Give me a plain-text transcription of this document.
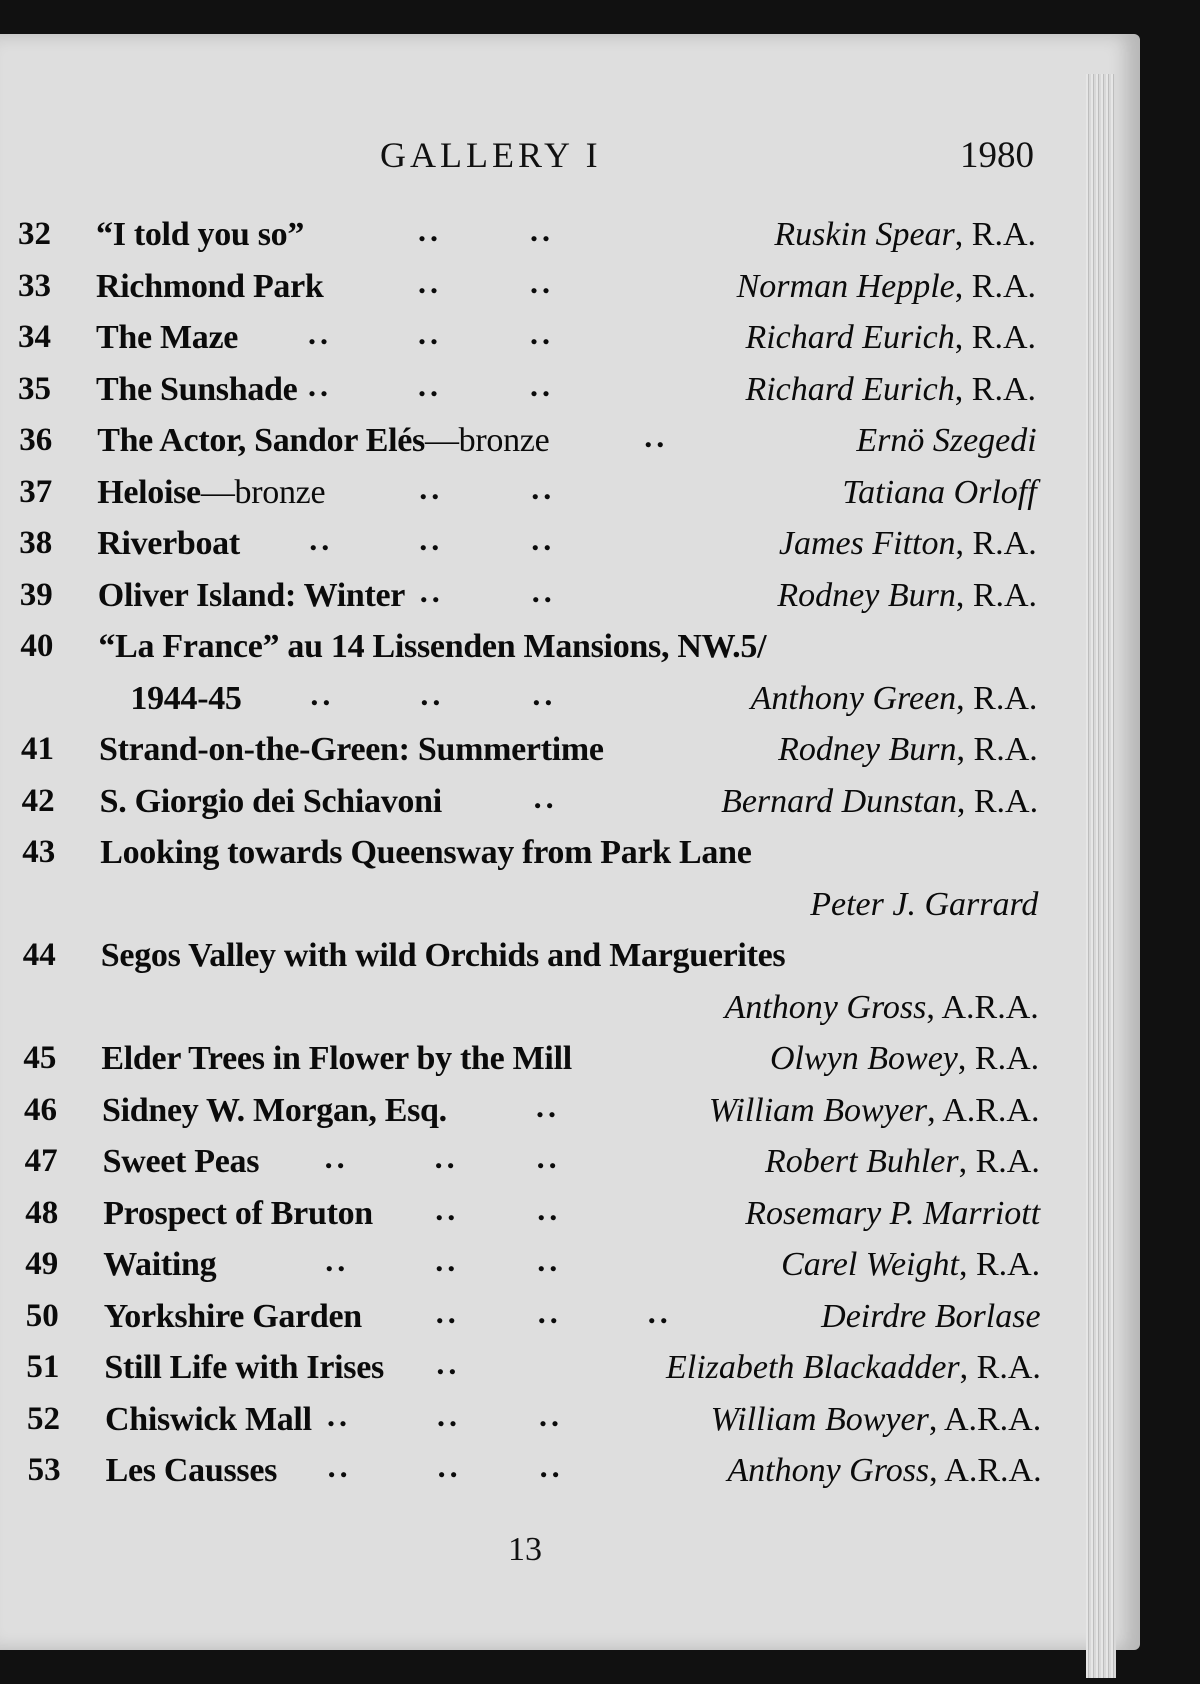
GALLERY I	1980
32	“I told you so”	..	..	Ruskin Spear, R.A.
33	Richmond Park	..	..	Norman Hepple, R.A.
34	The Maze ..	..	..	Richard Eurich, R.A.
35	The Sunshade ..	..	..	Richard Eurich, R.A.
36	The Actor, Sandor Elés—bronze	..	Ernö Szegedi
37	Heloise—bronze	..	..	Tatiana Orloff
38	Riverboat ..	..	..	James Fitton, R.A.
39	Oliver Island: Winter ..	..	Rodney Burn, R.A.
40	“La France” au 14 Lissenden Mansions, NW.5/
1944-45 ..	..	..	Anthony Green, R.A.
41	Strand-on-the-Green: Summertime	Rodney Burn, R.A.
42	S. Giorgio dei Schiavoni	..	Bernard Dunstan, R.A.
43	Looking towards Queensway from Park Lane
Peter J. Garrard
44	Segos Valley with wild Orchids and Marguerites
Anthony Gross, A.R.A.
45	Elder Trees in Flower by the Mill	Olwyn Bowey, R.A.
46	Sidney W. Morgan, Esq.	..	William Bowyer, A.R.A.
47	Sweet Peas ..	.. ..	Robert Buhler, R.A.
48	Prospect of Bruton .. ..	Rosemary P. Marriott
49	Waiting	..	.. ..	Carel Weight, R.A.
50	Yorkshire Garden .. ..	..	Deirdre Borlase
51	Still Life with Irises ..	Elizabeth Blackadder, R.A.
52	Chiswick Mall ..	.. ..	William Bowyer, A.R.A.
53	Les Causses ..	.. ..	Anthony Gross, A.R.A.
13
